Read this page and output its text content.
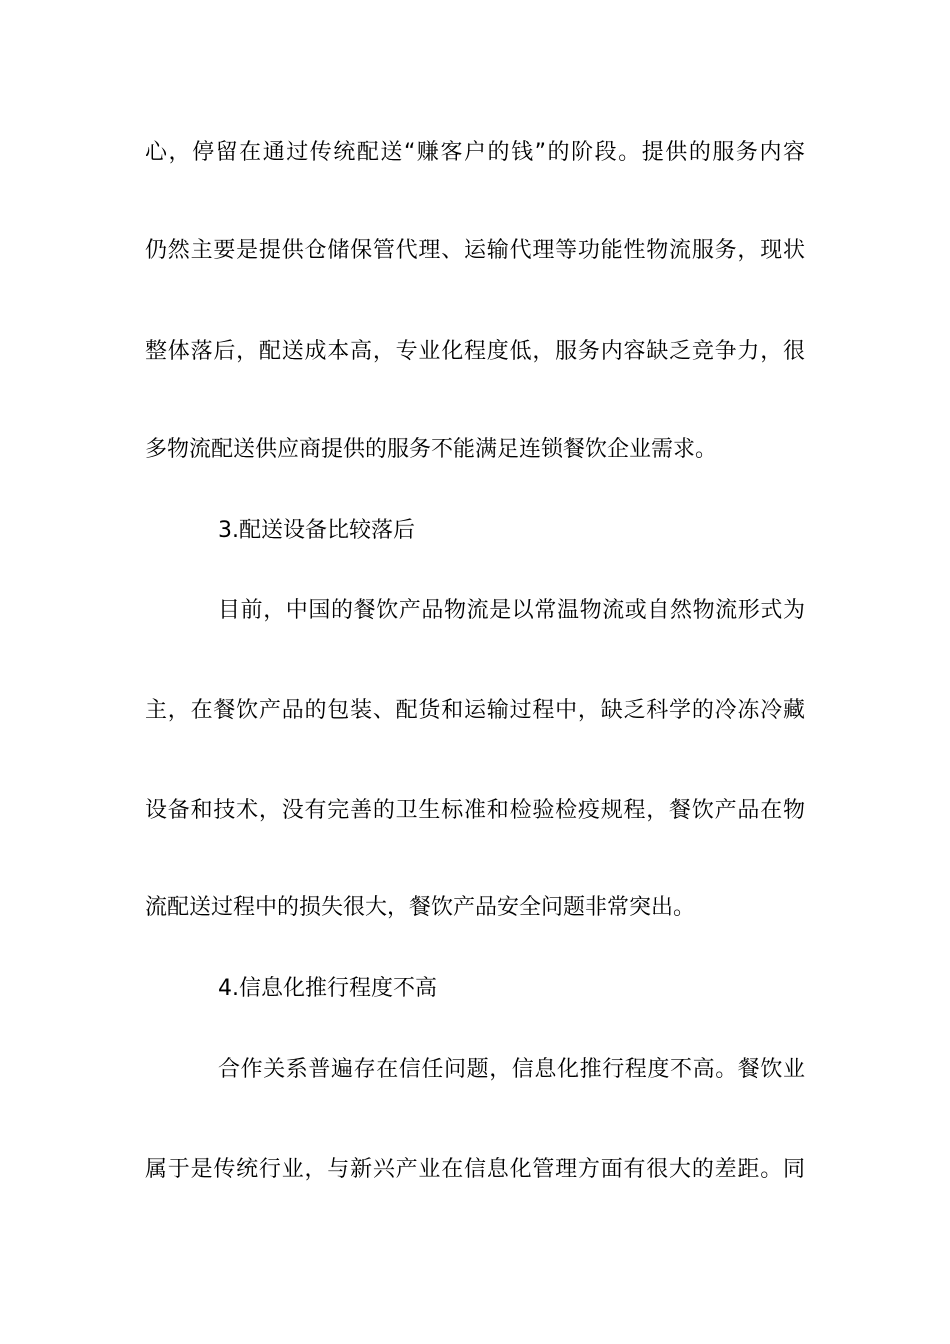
心，停留在通过传统配送“赚客户的钱”的阶段。提供的服务内容
仍然主要是提供仓储保管代理、运输代理等功能性物流服务，现状
整体落后，配送成本高，专业化程度低，服务内容缺乏竞争力，很
多物流配送供应商提供的服务不能满足连锁餐饮企业需求。
3.配送设备比较落后
目前，中国的餐饮产品物流是以常温物流或自然物流形式为
主，在餐饮产品的包装、配货和运输过程中，缺乏科学的冷冻冷藏
设备和技术，没有完善的卫生标准和检验检疫规程，餐饮产品在物
流配送过程中的损失很大，餐饮产品安全问题非常突出。
4.信息化推行程度不高
合作关系普遍存在信任问题，信息化推行程度不高。餐饮业
属于是传统行业，与新兴产业在信息化管理方面有很大的差距。同
